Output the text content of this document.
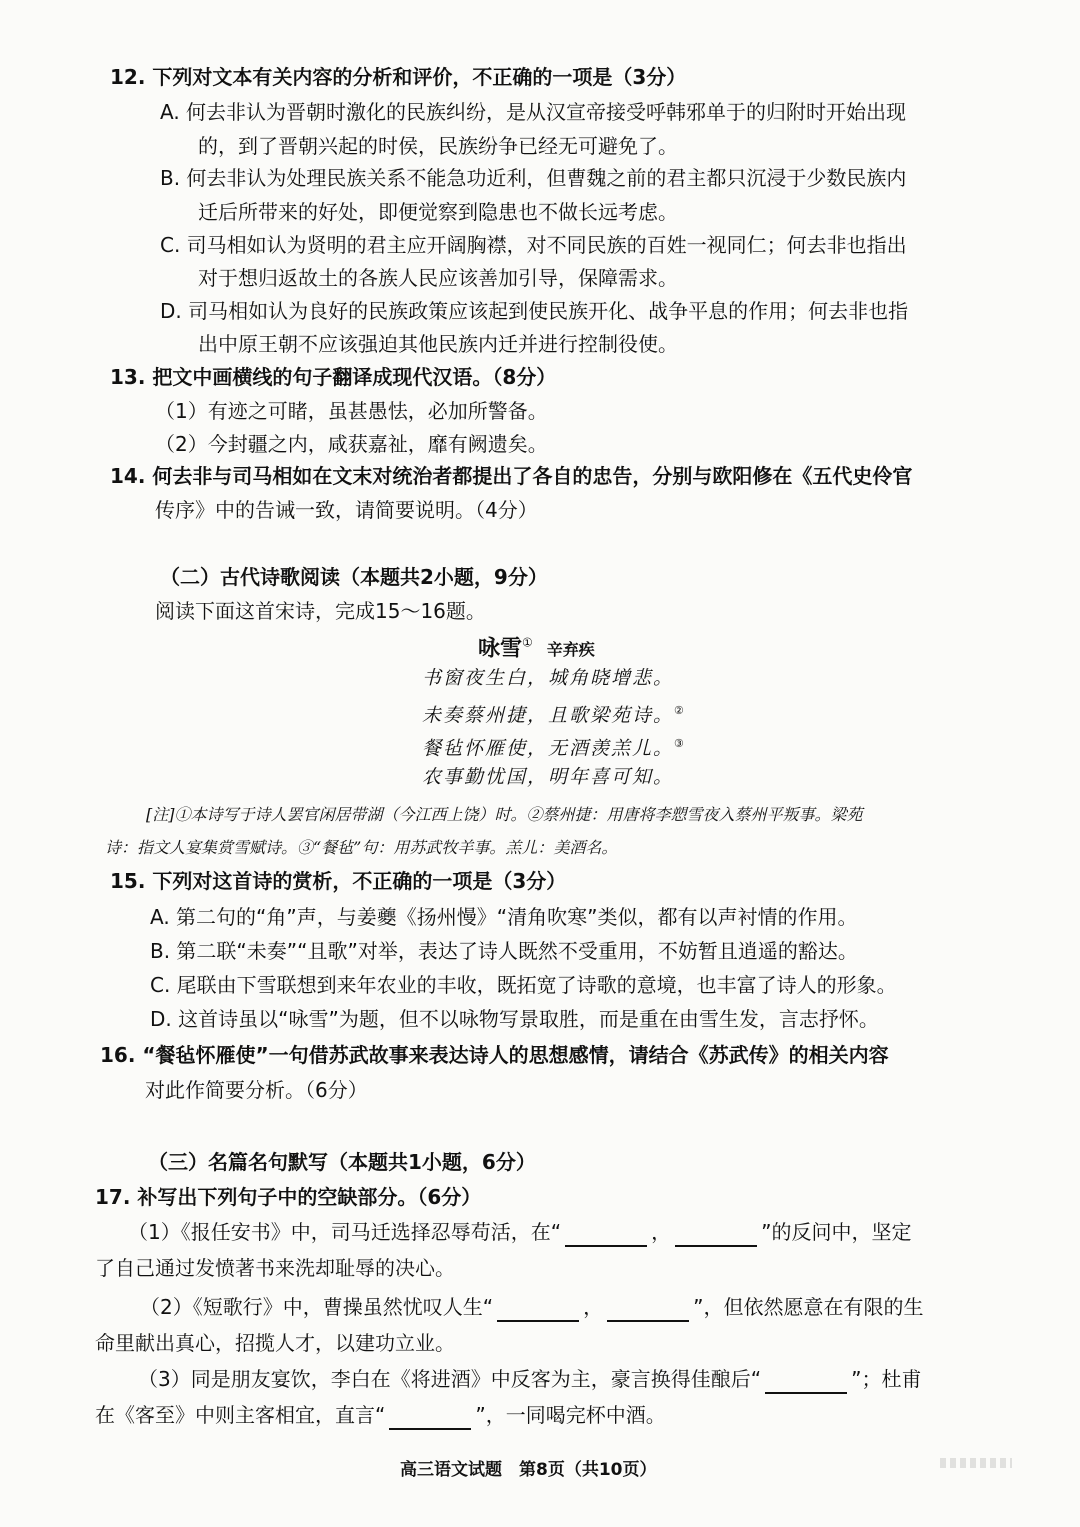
12. 下列对文本有关内容的分析和评价，不正确的一项是（3分）
A. 何去非认为晋朝时激化的民族纠纷，是从汉宣帝接受呼韩邪单于的归附时开始出现
的，到了晋朝兴起的时侯，民族纷争已经无可避免了。
B. 何去非认为处理民族关系不能急功近利，但曹魏之前的君主都只沉浸于少数民族内
迁后所带来的好处，即便觉察到隐患也不做长远考虑。
C. 司马相如认为贤明的君主应开阔胸襟，对不同民族的百姓一视同仁；何去非也指出
对于想归返故土的各族人民应该善加引导，保障需求。
D. 司马相如认为良好的民族政策应该起到使民族开化、战争平息的作用；何去非也指
出中原王朝不应该强迫其他民族内迁并进行控制役使。
13. 把文中画横线的句子翻译成现代汉语。（8分）
（1）有迹之可睹，虽甚愚怯，必加所警备。
（2）今封疆之内，咸获嘉祉，靡有阙遗矣。
14. 何去非与司马相如在文末对统治者都提出了各自的忠告，分别与欧阳修在《五代史伶官
传序》中的告诫一致，请简要说明。（4分）
（二）古代诗歌阅读（本题共2小题，9分）
阅读下面这首宋诗，完成15～16题。
咏雪① 辛弃疾
书窗夜生白，城角晓增悲。
未奏蔡州捷，且歌梁苑诗。②
餐毡怀雁使，无酒羡羔儿。③
农事勤忧国，明年喜可知。
[注]①本诗写于诗人罢官闲居带湖（今江西上饶）时。②蔡州捷：用唐将李愬雪夜入蔡州平叛事。梁苑
诗：指文人宴集赏雪赋诗。③“餐毡”句：用苏武牧羊事。羔儿：美酒名。
15. 下列对这首诗的赏析，不正确的一项是（3分）
A. 第二句的“角”声，与姜夔《扬州慢》“清角吹寒”类似，都有以声衬情的作用。
B. 第二联“未奏”“且歌”对举，表达了诗人既然不受重用，不妨暂且逍遥的豁达。
C. 尾联由下雪联想到来年农业的丰收，既拓宽了诗歌的意境，也丰富了诗人的形象。
D. 这首诗虽以“咏雪”为题，但不以咏物写景取胜，而是重在由雪生发，言志抒怀。
16. “餐毡怀雁使”一句借苏武故事来表达诗人的思想感情，请结合《苏武传》的相关内容
对此作简要分析。（6分）
（三）名篇名句默写（本题共1小题，6分）
17. 补写出下列句子中的空缺部分。（6分）
（1）《报任安书》中，司马迁选择忍辱苟活，在“	，	”的反问中，坚定
了自己通过发愤著书来洗却耻辱的决心。
（2）《短歌行》中，曹操虽然忧叹人生“	，	”，但依然愿意在有限的生
命里献出真心，招揽人才，以建功立业。
（3）同是朋友宴饮，李白在《将进酒》中反客为主，豪言换得佳酿后“	”；杜甫
在《客至》中则主客相宜，直言“	”，一同喝完杯中酒。
高三语文试题　第8页（共10页）
